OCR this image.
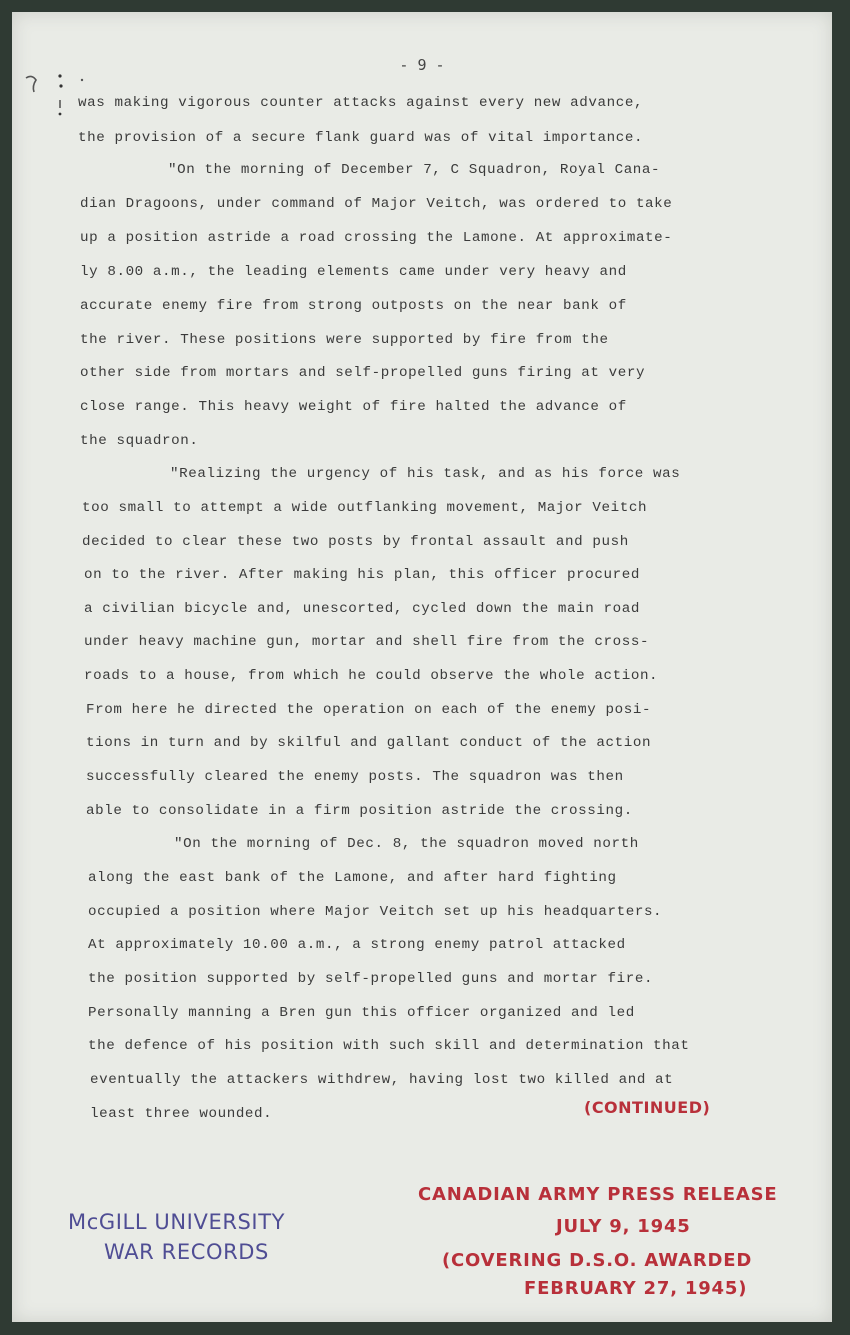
- 9 -
was making vigorous counter attacks against every new advance,
the provision of a secure flank guard was of vital importance.
"On the morning of December 7, C Squadron, Royal Cana-
dian Dragoons, under command of Major Veitch, was ordered to take
up a position astride a road crossing the Lamone. At approximate-
ly 8.00 a.m., the leading elements came under very heavy and
accurate enemy fire from strong outposts on the near bank of
the river. These positions were supported by fire from the
other side from mortars and self-propelled guns firing at very
close range. This heavy weight of fire halted the advance of
the squadron.
"Realizing the urgency of his task, and as his force was
too small to attempt a wide outflanking movement, Major Veitch
decided to clear these two posts by frontal assault and push
on to the river. After making his plan, this officer procured
a civilian bicycle and, unescorted, cycled down the main road
under heavy machine gun, mortar and shell fire from the cross-
roads to a house, from which he could observe the whole action.
From here he directed the operation on each of the enemy posi-
tions in turn and by skilful and gallant conduct of the action
successfully cleared the enemy posts. The squadron was then
able to consolidate in a firm position astride the crossing.
"On the morning of Dec. 8, the squadron moved north
along the east bank of the Lamone, and after hard fighting
occupied a position where Major Veitch set up his headquarters.
At approximately 10.00 a.m., a strong enemy patrol attacked
the position supported by self-propelled guns and mortar fire.
Personally manning a Bren gun this officer organized and led
the defence of his position with such skill and determination that
eventually the attackers withdrew, having lost two killed and at
least three wounded.	(CONTINUED)
McGILL UNIVERSITY
WAR RECORDS
CANADIAN ARMY PRESS RELEASE
JULY 9, 1945
(COVERING D.S.O. AWARDED
FEBRUARY 27, 1945)
